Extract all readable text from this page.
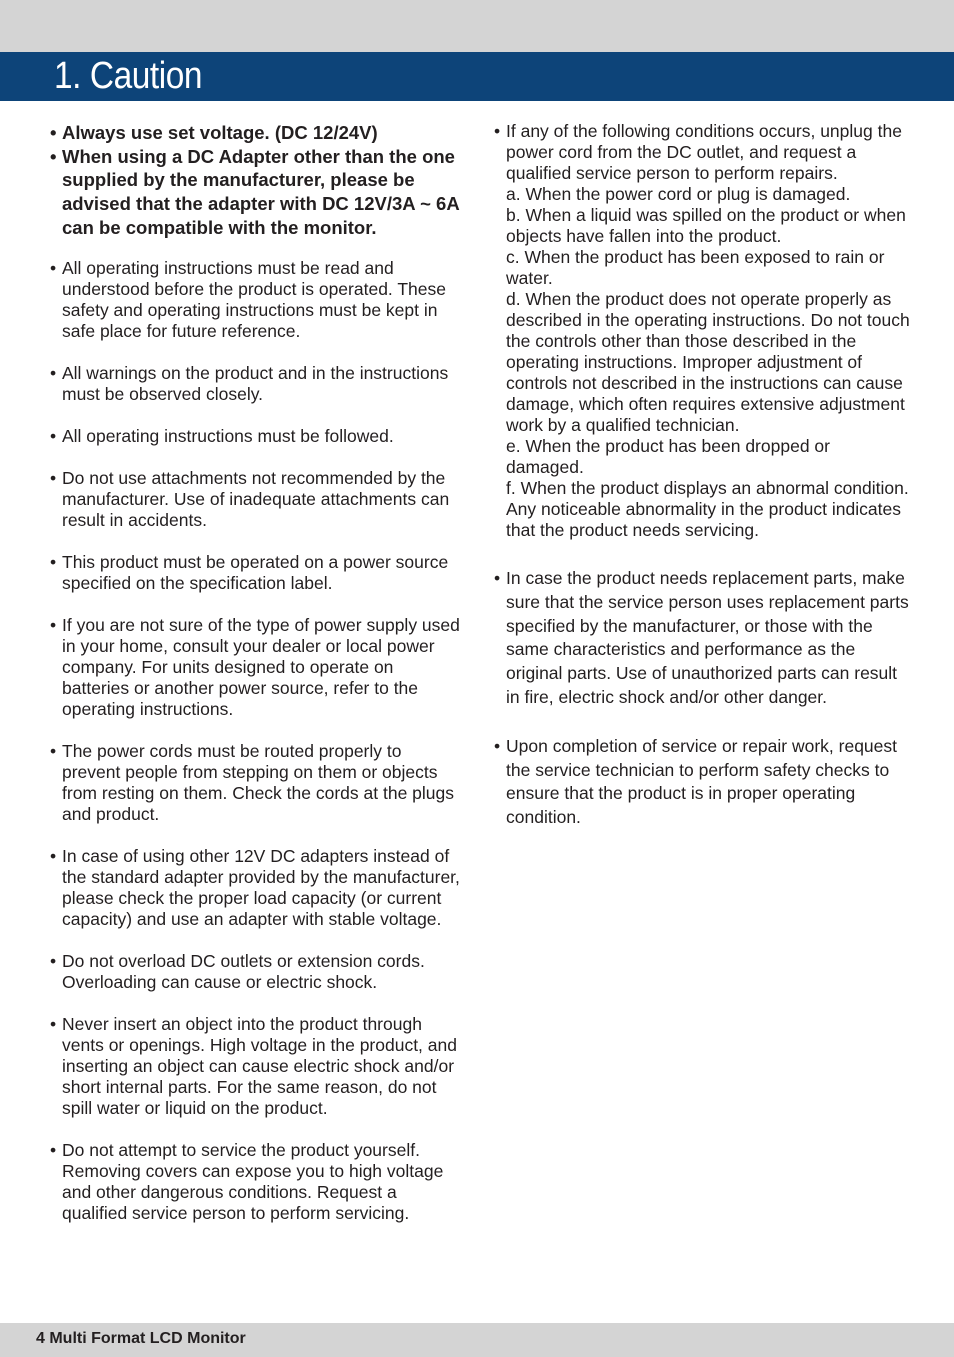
1. Caution
• Always use set voltage. (DC 12/24V)
• When using a DC Adapter other than the one supplied by the manufacturer, please be advised that the adapter with DC 12V/3A ~ 6A can be compatible with the monitor.
• All operating instructions must be read and understood before the product is operated. These safety and operating instructions must be kept in safe place for future reference.
• All warnings on the product and in the instructions must be observed closely.
• All operating instructions must be followed.
• Do not use attachments not recommended by the manufacturer. Use of inadequate attachments can result in accidents.
• This product must be operated on a power source specified on the specification label.
• If you are not sure of the type of power supply used in your home, consult your dealer or local power company. For units designed to operate on batteries or another power source, refer to the operating instructions.
• The power cords must be routed properly to prevent people from stepping on them or objects from resting on them. Check the cords at the plugs and product.
• In case of using other 12V DC adapters instead of the standard adapter provided by the manufacturer, please check the proper load capacity (or current capacity) and use an adapter with stable voltage.
• Do not overload DC outlets or extension cords. Overloading can cause or electric shock.
• Never insert an object into the product through vents or openings. High voltage in the product, and inserting an object can cause electric shock and/or short internal parts. For the same reason, do not spill water or liquid on the product.
• Do not attempt to service the product yourself. Removing covers can expose you to high voltage and other dangerous conditions. Request a qualified service person to perform servicing.
• If any of the following conditions occurs, unplug the power cord from the DC outlet, and request a qualified service person to perform repairs.
a. When the power cord or plug is damaged.
b. When a liquid was spilled on the product or when objects have fallen into the product.
c. When the product has been exposed to rain or water.
d. When the product does not operate properly as described in the operating instructions. Do not touch the controls other than those described in the operating instructions. Improper adjustment of controls not described in the instructions can cause damage, which often requires extensive adjustment work by a qualified technician.
e. When the product has been dropped or damaged.
f. When the product displays an abnormal condition. Any noticeable abnormality in the product indicates that the product needs servicing.
• In case the product needs replacement parts, make sure that the service person uses replacement parts specified by the manufacturer, or those with the same characteristics and performance as the original parts. Use of unauthorized parts can result in fire, electric shock and/or other danger.
• Upon completion of service or repair work, request the service technician to perform safety checks to ensure that the product is in proper operating condition.
4 Multi Format LCD Monitor
